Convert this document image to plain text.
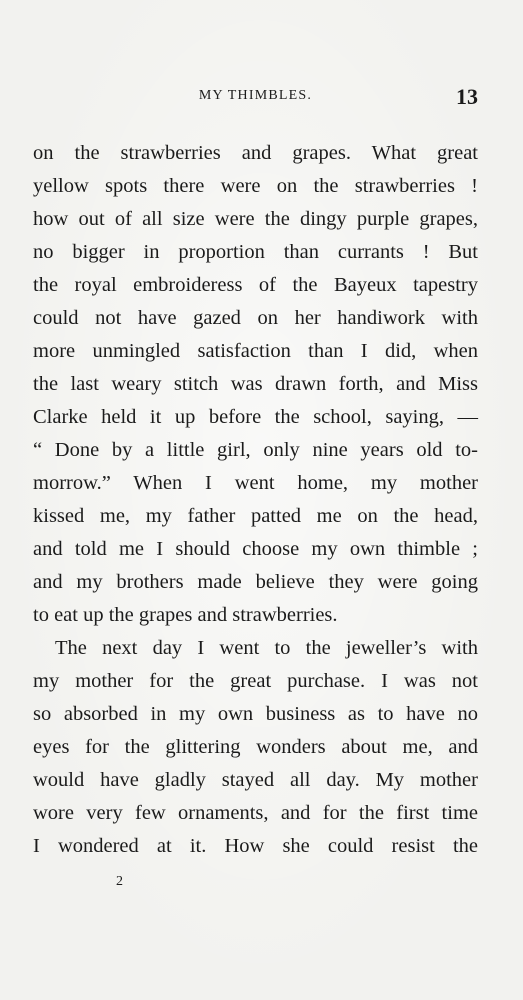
MY THIMBLES.	13
on the strawberries and grapes. What great
yellow spots there were on the strawberries !
how out of all size were the dingy purple grapes,
no bigger in proportion than currants ! But
the royal embroideress of the Bayeux tapestry
could not have gazed on her handiwork with
more unmingled satisfaction than I did, when
the last weary stitch was drawn forth, and Miss
Clarke held it up before the school, saying, —
“ Done by a little girl, only nine years old to-
morrow.” When I went home, my mother
kissed me, my father patted me on the head,
and told me I should choose my own thimble ;
and my brothers made believe they were going
to eat up the grapes and strawberries.
The next day I went to the jeweller’s with
my mother for the great purchase. I was not
so absorbed in my own business as to have no
eyes for the glittering wonders about me, and
would have gladly stayed all day. My mother
wore very few ornaments, and for the first time
I wondered at it. How she could resist the
2
